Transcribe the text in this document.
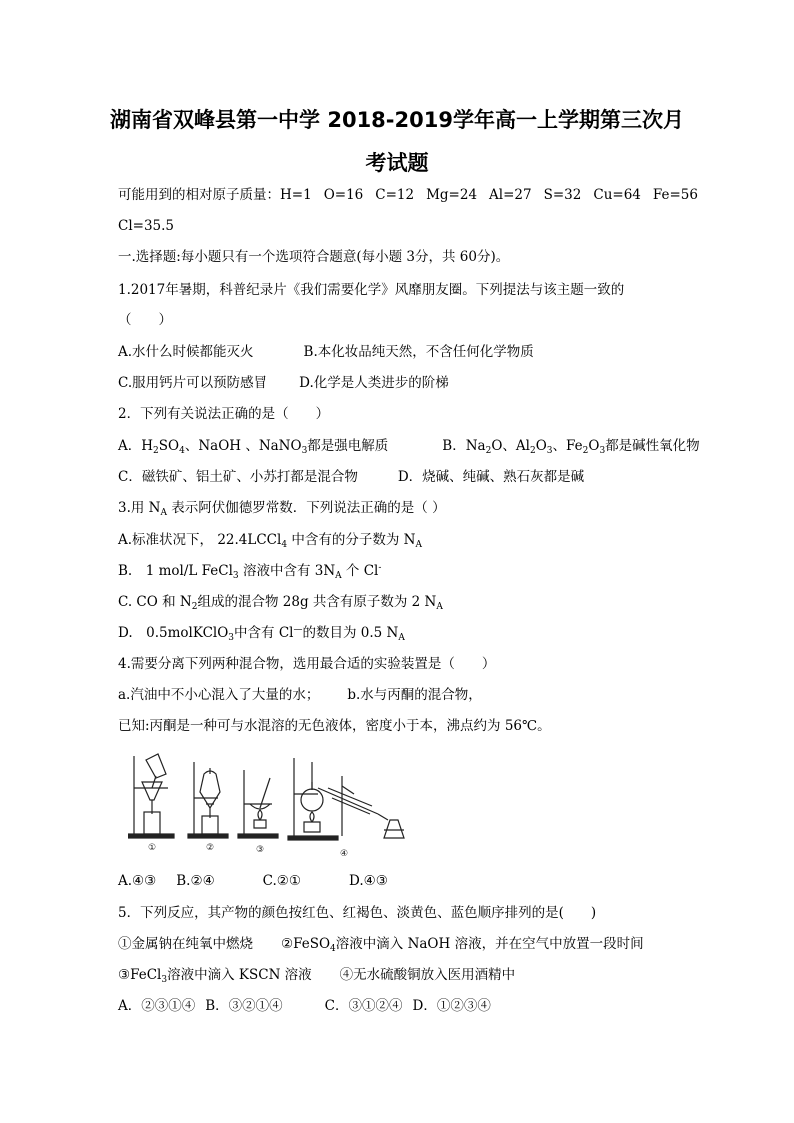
湖南省双峰县第一中学 2018-2019学年高一上学期第三次月
考试题
可能用到的相对原子质量：H=1 O=16 C=12 Mg=24 Al=27 S=32 Cu=64 Fe=56
Cl=35.5
一.选择题:每小题只有一个选项符合题意(每小题 3分，共 60分)。
1.2017年暑期，科普纪录片《我们需要化学》风靡朋友圈。下列提法与该主题一致的
（　　）
A.水什么时候都能灭火	B.本化妆品纯天然，不含任何化学物质
C.服用钙片可以预防感冒 D.化学是人类进步的阶梯
2．下列有关说法正确的是（　　）
A．$H_2SO_4$、NaOH 、NaNO$_3$都是强电解质	B．$Na_2O$、$Al_2O_3$、$Fe_2O_3$都是碱性氧化物
C．磁铁矿、铝土矿、小苏打都是混合物	D．烧碱、纯碱、熟石灰都是碱
3.用 $N_A$ 表示阿伏伽德罗常数．下列说法正确的是（ ）
A.标准状况下， 22.4LCCl$_4$ 中含有的分子数为 $N_A$
B.　1 mol/L FeCl$_3$ 溶液中含有 $3N_A$ 个 Cl-
C. CO 和 $N_2$组成的混合物 28g 共含有原子数为 2 $N_A$
D.　0.5molKClO$_3$中含有 Cl—的数目为 0.5 $N_A$
4.需要分离下列两种混合物，选用最合适的实验装置是（　　）
a.汽油中不小心混入了大量的水； b.水与丙酮的混合物，
已知:丙酮是一种可与水混溶的无色液体，密度小于本，沸点约为 56℃。
①	②	③	④
A.④③ B.②④	C.②①	D.④③
5．下列反应，其产物的颜色按红色、红褐色、淡黄色、蓝色顺序排列的是(　　)
①金属钠在纯氧中燃烧 ②FeSO$_4$溶液中滴入 NaOH 溶液，并在空气中放置一段时间
③FeCl$_3$溶液中滴入 KSCN 溶液 ④无水硫酸铜放入医用酒精中
A．②③①④ B．③②①④	C．③①②④ D．①②③④
